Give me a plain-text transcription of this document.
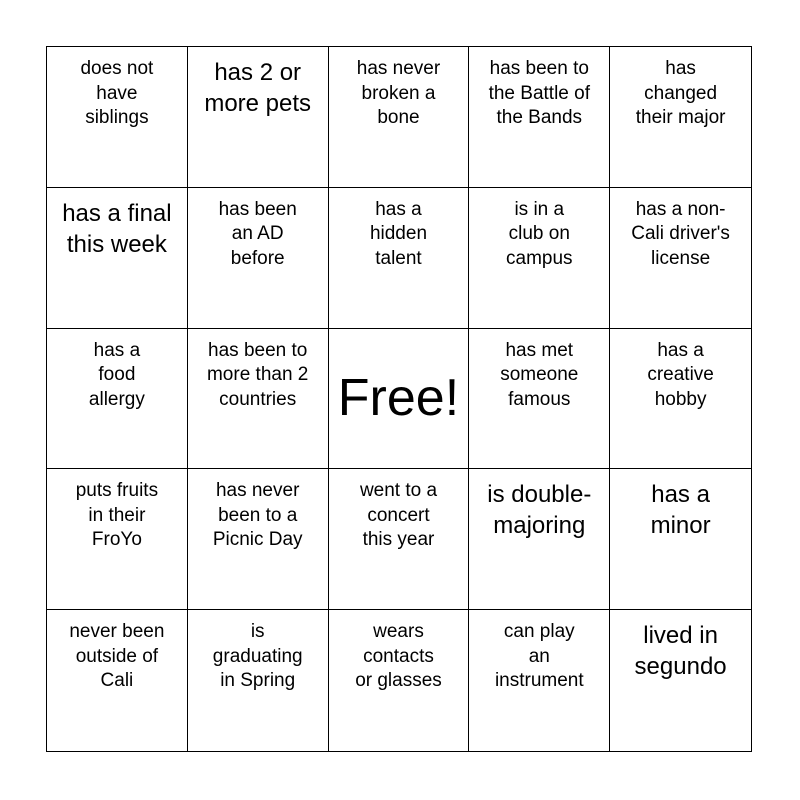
does not
have
siblings
has 2 or
more pets
has never
broken a
bone
has been to
the Battle of
the Bands
has
changed
their major
has a final
this week
has been
an AD
before
has a
hidden
talent
is in a
club on
campus
has a non-
Cali driver's
license
has a
food
allergy
has been to
more than 2
countries Free!
has met
someone
famous
has a
creative
hobby
puts fruits
in their
FroYo
has never
been to a
Picnic Day
went to a
concert
this year
is double-
majoring
has a
minor
never been
outside of
Cali
is
graduating
in Spring
wears
contacts
or glasses
can play
an
instrument
lived in
segundo
